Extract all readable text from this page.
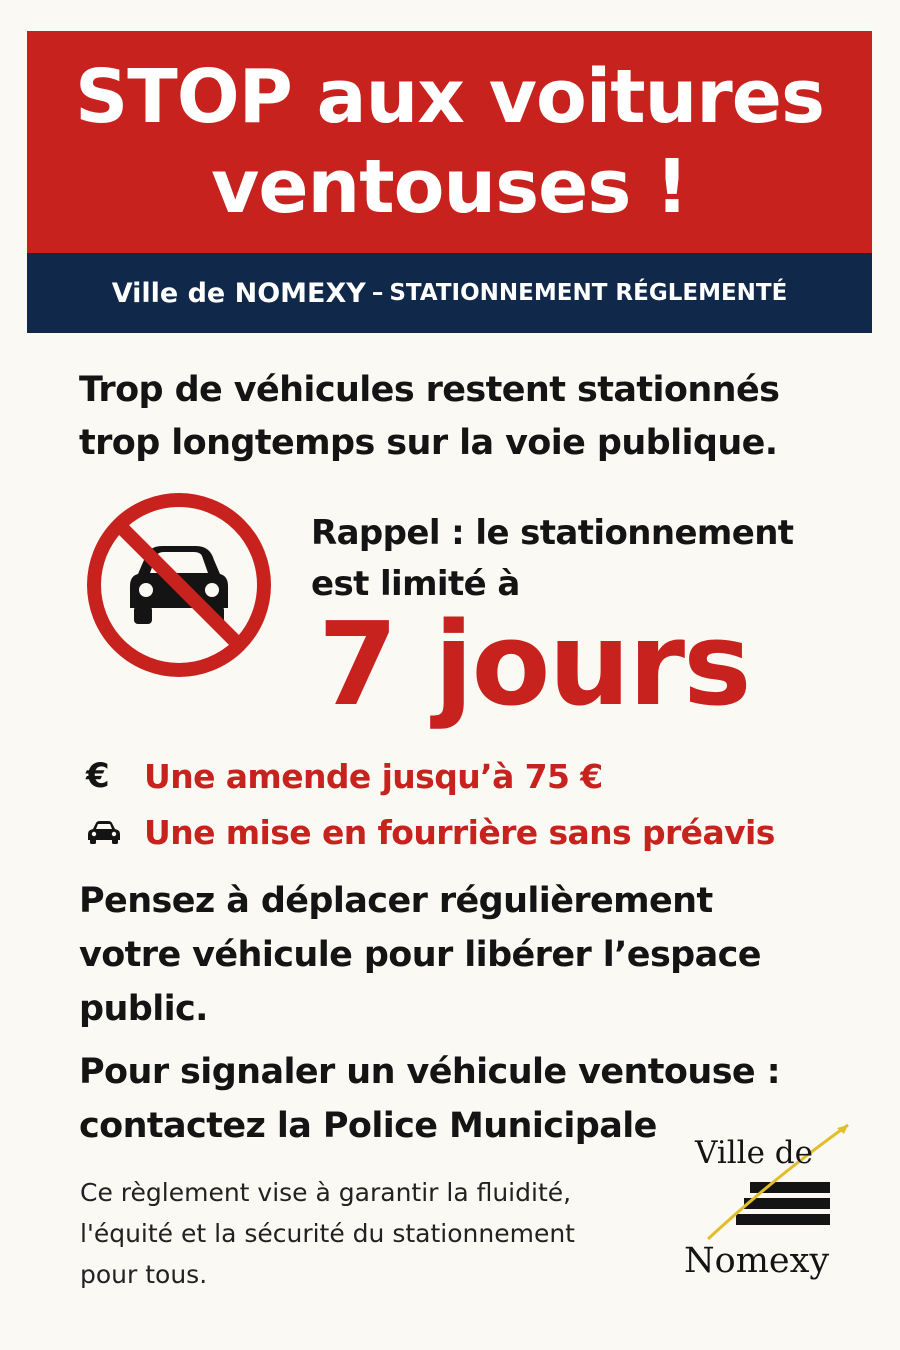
STOP aux voitures
ventouses !
Ville de NOMEXY – STATIONNEMENT RÉGLEMENTÉ
Trop de véhicules restent stationnés
trop longtemps sur la voie publique.
Rappel : le stationnement
est limité à
7 jours
€	Une amende jusqu’à 75 €
Une mise en fourrière sans préavis
Pensez à déplacer régulièrement
votre véhicule pour libérer l’espace
public.
Pour signaler un véhicule ventouse :
contactez la Police Municipale
Ce règlement vise à garantir la fluidité,
l'équité et la sécurité du stationnement
pour tous.
Ville de
Nomexy
